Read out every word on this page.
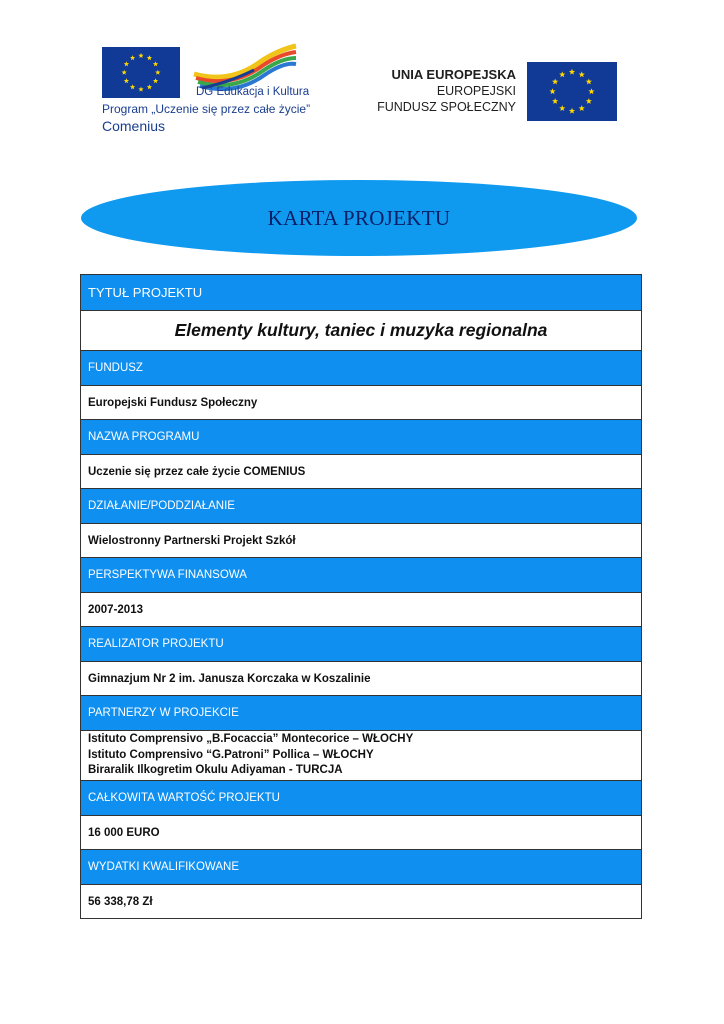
DG Edukacja i Kultura
Program „Uczenie się przez całe życie”
Comenius
UNIA EUROPEJSKA
EUROPEJSKI
FUNDUSZ SPOŁECZNY
KARTA PROJEKTU
TYTUŁ PROJEKTU
Elementy kultury, taniec i muzyka regionalna
FUNDUSZ
Europejski Fundusz Społeczny
NAZWA PROGRAMU
Uczenie się przez całe życie COMENIUS
DZIAŁANIE/PODDZIAŁANIE
Wielostronny Partnerski Projekt Szkół
PERSPEKTYWA FINANSOWA
2007-2013
REALIZATOR PROJEKTU
Gimnazjum Nr 2 im. Janusza Korczaka w Koszalinie
PARTNERZY W PROJEKCIE
Istituto Comprensivo „B.Focaccia” Montecorice – WŁOCHY
Istituto Comprensivo “G.Patroni” Pollica – WŁOCHY
Biraralik Ilkogretim Okulu Adiyaman - TURCJA
CAŁKOWITA WARTOŚĆ PROJEKTU
16 000 EURO
WYDATKI KWALIFIKOWANE
56 338,78 Zł
